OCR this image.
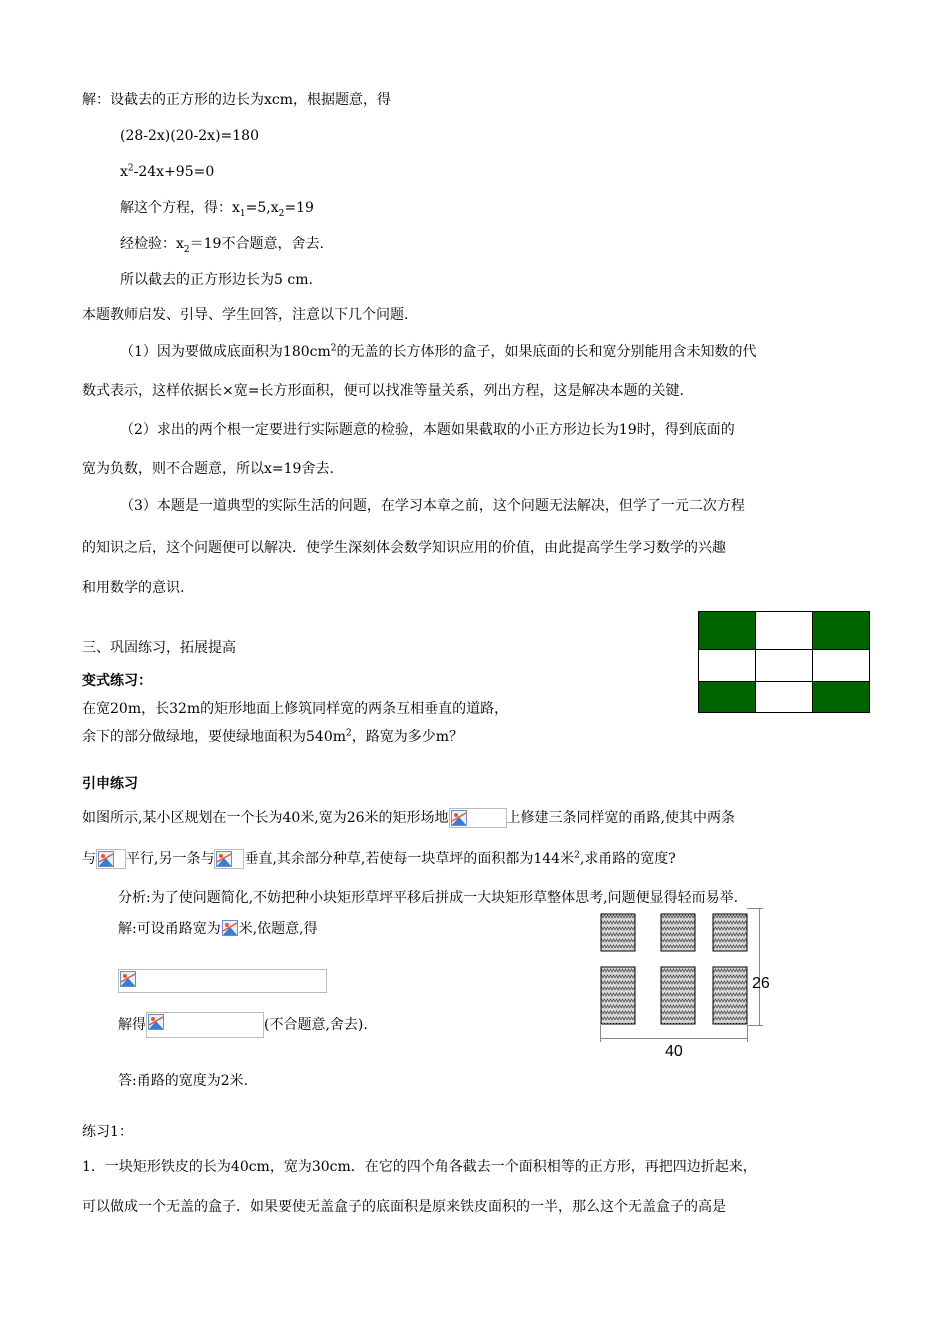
解：设截去的正方形的边长为xcm，根据题意，得
(28-2x)(20-2x)=180
$x^2-24x+95=0$
解这个方程，得：$x_1=5,x_2=19$
经检验：$x_2=19$不合题意，舍去.
所以截去的正方形边长为5 cm.
本题教师启发、引导、学生回答，注意以下几个问题.
（1）因为要做成底面积为$180cm^2$的无盖的长方体形的盒子，如果底面的长和宽分别能用含未知数的代
数式表示，这样依据长×宽=长方形面积，便可以找准等量关系，列出方程，这是解决本题的关键.
（2）求出的两个根一定要进行实际题意的检验，本题如果截取的小正方形边长为19时，得到底面的
宽为负数，则不合题意，所以x=19舍去.
（3）本题是一道典型的实际生活的问题，在学习本章之前，这个问题无法解决，但学了一元二次方程
的知识之后，这个问题便可以解决．使学生深刻体会数学知识应用的价值，由此提高学生学习数学的兴趣
和用数学的意识.
三、巩固练习，拓展提高
变式练习：
在宽20m，长32m的矩形地面上修筑同样宽的两条互相垂直的道路，
余下的部分做绿地，要使绿地面积为$540m^2$，路宽为多少m？
引申练习
如图所示,某小区规划在一个长为40米,宽为26米的矩形场地	上修建三条同样宽的甬路,使其中两条
与 平行,另一条与 垂直,其余部分种草,若使每一块草坪的面积都为144米$^2$,求甬路的宽度?
分析:为了使问题简化,不妨把种小块矩形草坪平移后拼成一大块矩形草整体思考,问题便显得轻而易举.
解:可设甬路宽为 米,依题意,得
解得	(不合题意,舍去).
答:甬路的宽度为2米.
26
40
练习1：
1．一块矩形铁皮的长为40cm，宽为30cm．在它的四个角各截去一个面积相等的正方形，再把四边折起来，
可以做成一个无盖的盒子．如果要使无盖盒子的底面积是原来铁皮面积的一半，那么这个无盖盒子的高是
